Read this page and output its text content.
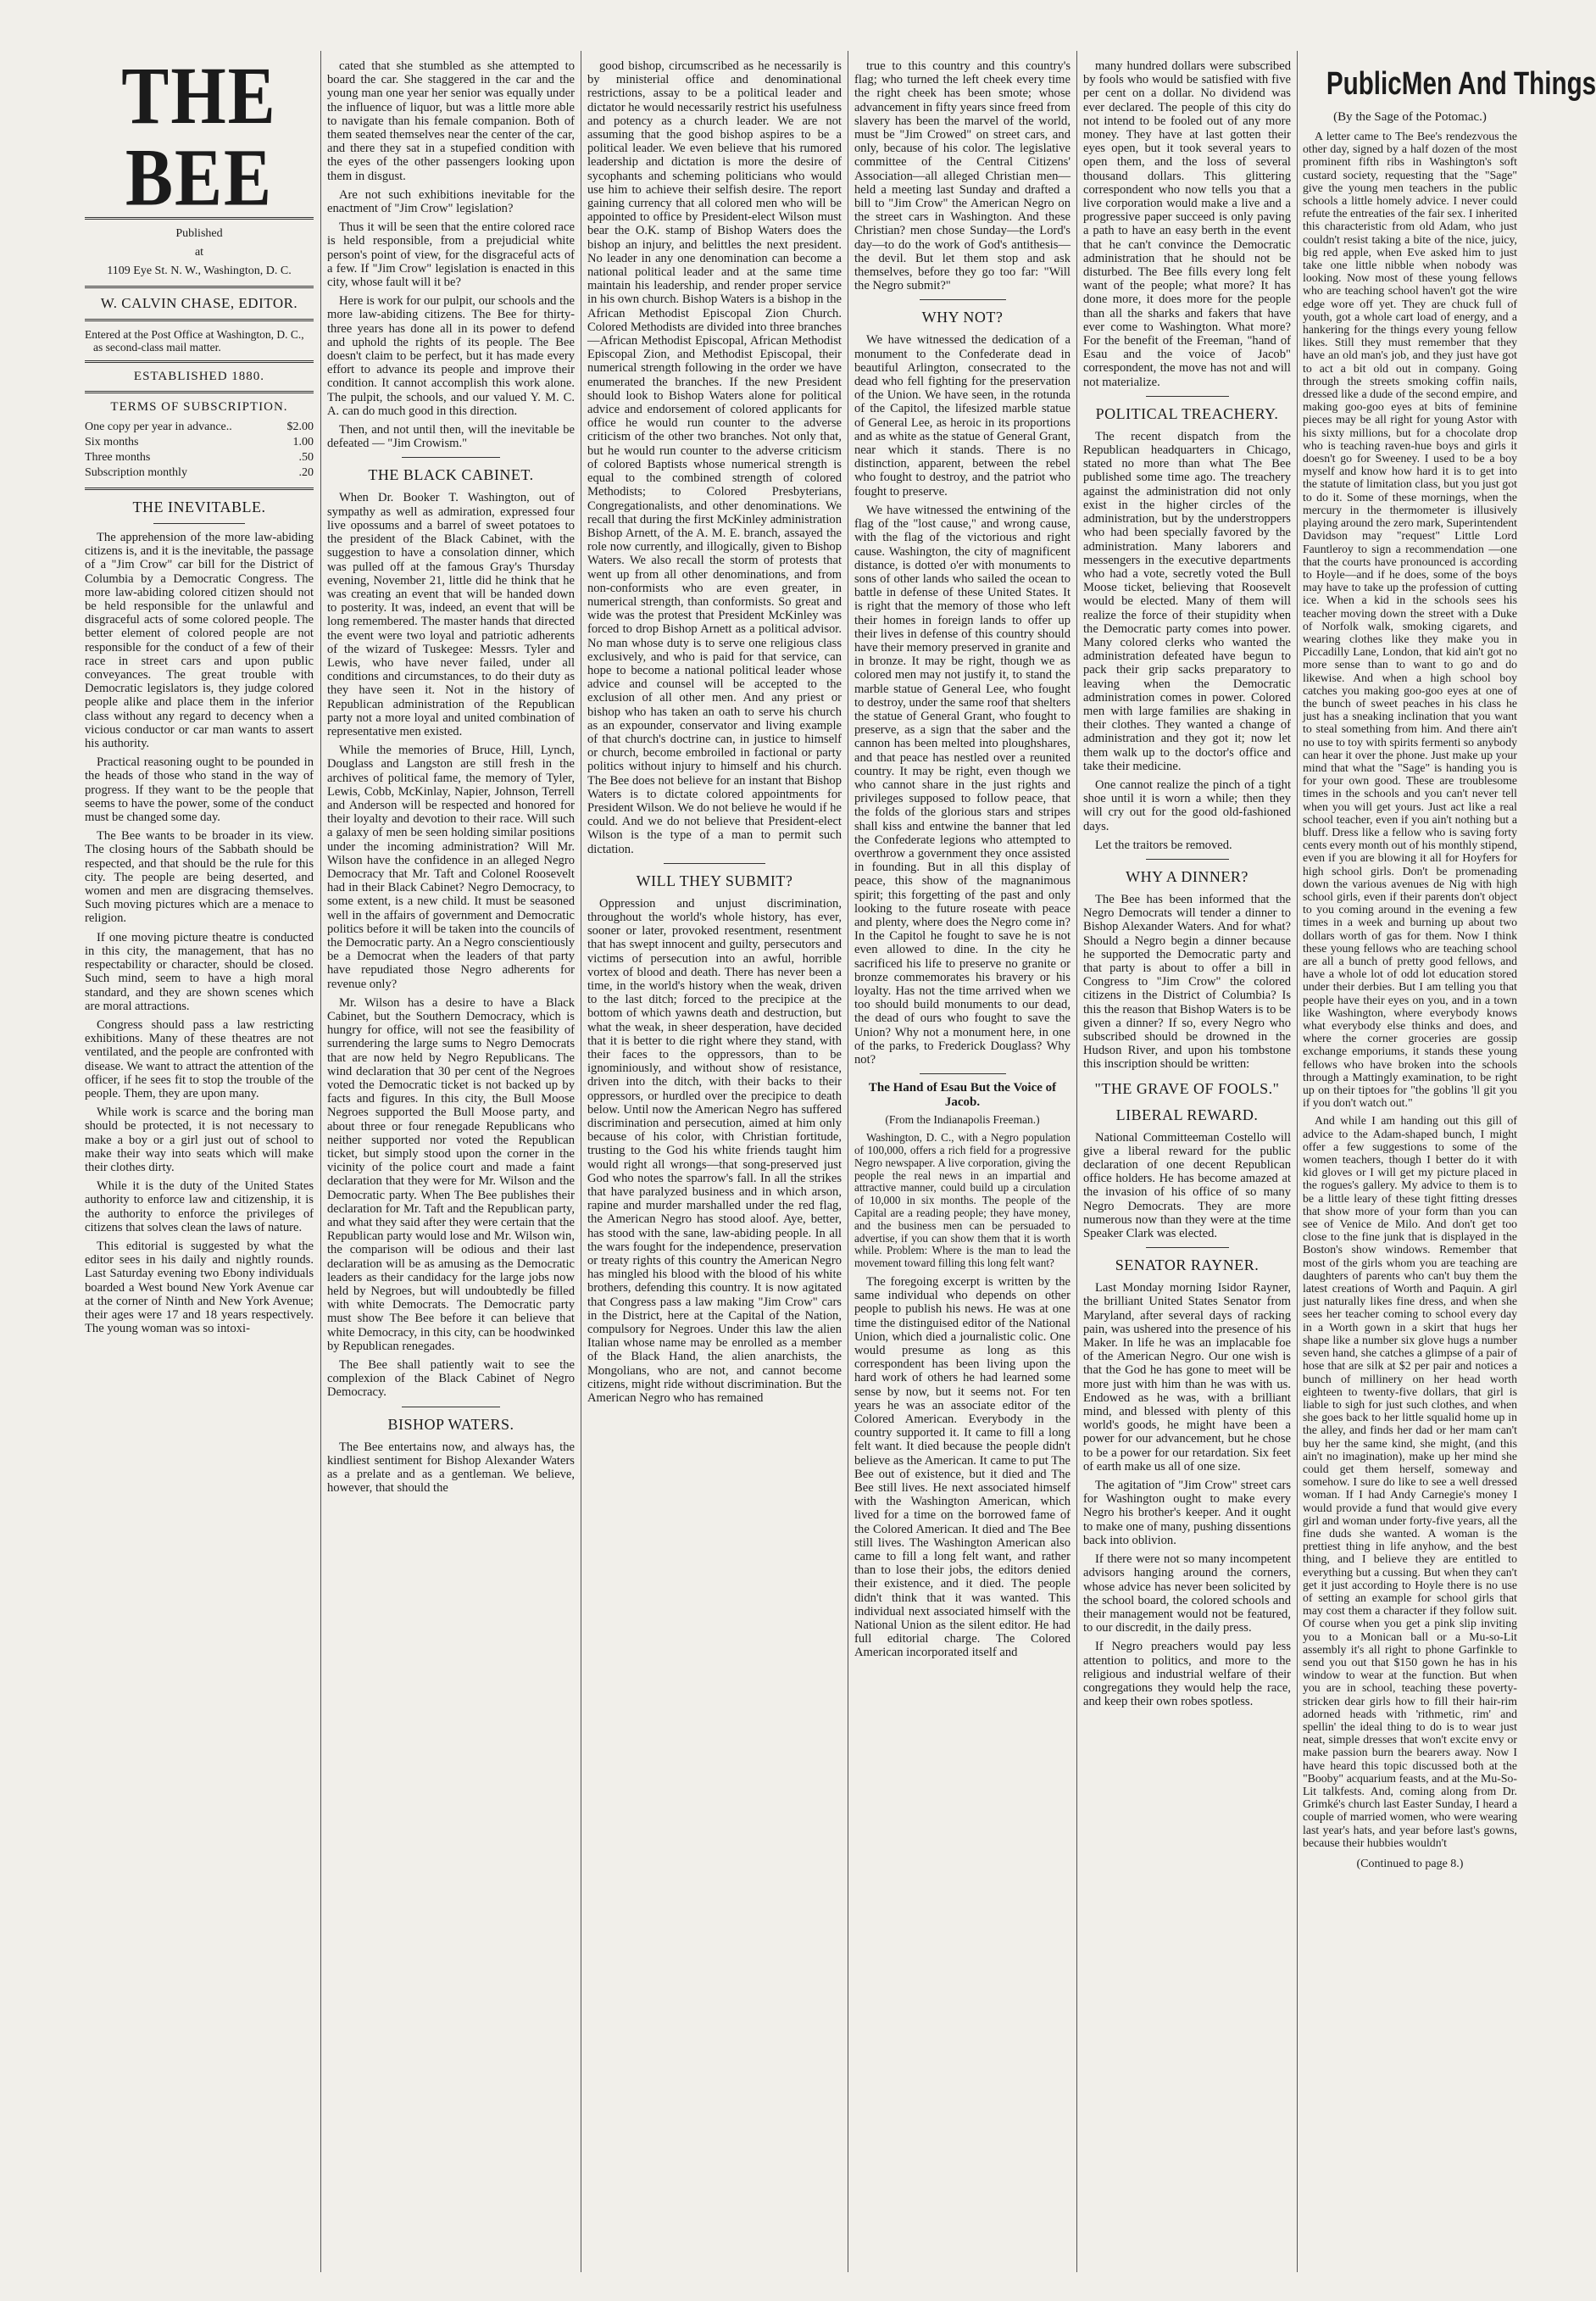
THE BEE
Published
at
1109 Eye St. N. W., Washington, D. C.
W. CALVIN CHASE, EDITOR.
Entered at the Post Office at Washington, D. C., as second-class mail matter.
ESTABLISHED 1880.
TERMS OF SUBSCRIPTION.
One copy per year in advance..	$2.00
Six months	1.00
Three months	.50
Subscription monthly	.20
THE INEVITABLE.

The apprehension of the more law-abiding citizens is, and it is the inevitable, the passage of a "Jim Crow" car bill for the District of Columbia by a Democratic Congress. The more law-abiding colored citizen should not be held responsible for the unlawful and disgraceful acts of some colored people. The better element of colored people are not responsible for the conduct of a few of their race in street cars and upon public conveyances. The great trouble with Democratic legislators is, they judge colored people alike and place them in the inferior class without any regard to decency when a vicious conductor or car man wants to assert his authority.

Practical reasoning ought to be pounded in the heads of those who stand in the way of progress. If they want to be the people that seems to have the power, some of the conduct must be changed some day.

The Bee wants to be broader in its view. The closing hours of the Sabbath should be respected, and that should be the rule for this city. The people are being deserted, and women and men are disgracing themselves. Such moving pictures which are a menace to religion.

If one moving picture theatre is conducted in this city, the management, that has no respectability or character, should be closed. Such mind, seem to have a high moral standard, and they are shown scenes which are moral attractions.

Congress should pass a law restricting exhibitions. Many of these theatres are not ventilated, and the people are confronted with disease. We want to attract the attention of the officer, if he sees fit to stop the trouble of the people. Them, they are upon many.

While work is scarce and the boring man should be protected, it is not necessary to make a boy or a girl just out of school to make their way into seats which will make their clothes dirty.

While it is the duty of the United States authority to enforce law and citizenship, it is the authority to enforce the privileges of citizens that solves clean the laws of nature.

This editorial is suggested by what the editor sees in his daily and nightly rounds. Last Saturday evening two Ebony individuals boarded a West bound New York Avenue car at the corner of Ninth and New York Avenue; their ages were 17 and 18 years respectively. The young woman was so intoxi-

cated that she stumbled as she attempted to board the car. She staggered in the car and the young man one year her senior was equally under the influence of liquor, but was a little more able to navigate than his female companion. Both of them seated themselves near the center of the car, and there they sat in a stupefied condition with the eyes of the other passengers looking upon them in disgust.

Are not such exhibitions inevitable for the enactment of "Jim Crow" legislation?

Thus it will be seen that the entire colored race is held responsible, from a prejudicial white person's point of view, for the disgraceful acts of a few. If "Jim Crow" legislation is enacted in this city, whose fault will it be?

Here is work for our pulpit, our schools and the more law-abiding citizens. The Bee for thirty-three years has done all in its power to defend and uphold the rights of its people. The Bee doesn't claim to be perfect, but it has made every effort to advance its people and improve their condition. It cannot accomplish this work alone. The pulpit, the schools, and our valued Y. M. C. A. can do much good in this direction.

Then, and not until then, will the inevitable be defeated — "Jim Crowism."

THE BLACK CABINET.

When Dr. Booker T. Washington, out of sympathy as well as admiration, expressed four live opossums and a barrel of sweet potatoes to the president of the Black Cabinet, with the suggestion to have a consolation dinner, which was pulled off at the famous Gray's Thursday evening, November 21, little did he think that he was creating an event that will be handed down to posterity. It was, indeed, an event that will be long remembered. The master hands that directed the event were two loyal and patriotic adherents of the wizard of Tuskegee: Messrs. Tyler and Lewis, who have never failed, under all conditions and circumstances, to do their duty as they have seen it. Not in the history of Republican administration of the Republican party not a more loyal and united combination of representative men existed.

While the memories of Bruce, Hill, Lynch, Douglass and Langston are still fresh in the archives of political fame, the memory of Tyler, Lewis, Cobb, McKinlay, Napier, Johnson, Terrell and Anderson will be respected and honored for their loyalty and devotion to their race. Will such a galaxy of men be seen holding similar positions under the incoming administration? Will Mr. Wilson have the confidence in an alleged Negro Democracy that Mr. Taft and Colonel Roosevelt had in their Black Cabinet? Negro Democracy, to some extent, is a new child. It must be seasoned well in the affairs of government and Democratic politics before it will be taken into the councils of the Democratic party. An a Negro conscientiously be a Democrat when the leaders of that party have repudiated those Negro adherents for revenue only?

Mr. Wilson has a desire to have a Black Cabinet, but the Southern Democracy, which is hungry for office, will not see the feasibility of surrendering the large sums to Negro Democrats that are now held by Negro Republicans. The wind declaration that 30 per cent of the Negroes voted the Democratic ticket is not backed up by facts and figures. In this city, the Bull Moose Negroes supported the Bull Moose party, and about three or four renegade Republicans who neither supported nor voted the Republican ticket, but simply stood upon the corner in the vicinity of the police court and made a faint declaration that they were for Mr. Wilson and the Democratic party. When The Bee publishes their declaration for Mr. Taft and the Republican party, and what they said after they were certain that the Republican party would lose and Mr. Wilson win, the comparison will be odious and their last declaration will be as amusing as the Democratic leaders as their candidacy for the large jobs now held by Negroes, but will undoubtedly be filled with white Democrats. The Democratic party must show The Bee before it can believe that white Democracy, in this city, can be hoodwinked by Republican renegades.

The Bee shall patiently wait to see the complexion of the Black Cabinet of Negro Democracy.

BISHOP WATERS.

The Bee entertains now, and always has, the kindliest sentiment for Bishop Alexander Waters as a prelate and as a gentleman. We believe, however, that should the

good bishop, circumscribed as he necessarily is by ministerial office and denominational restrictions, assay to be a political leader and dictator he would necessarily restrict his usefulness and potency as a church leader. We are not assuming that the good bishop aspires to be a political leader. We even believe that his rumored leadership and dictation is more the desire of sycophants and scheming politicians who would use him to achieve their selfish desire. The report gaining currency that all colored men who will be appointed to office by President-elect Wilson must bear the O.K. stamp of Bishop Waters does the bishop an injury, and belittles the next president. No leader in any one denomination can become a national political leader and at the same time maintain his leadership, and render proper service in his own church. Bishop Waters is a bishop in the African Methodist Episcopal Zion Church. Colored Methodists are divided into three branches—African Methodist Episcopal, African Methodist Episcopal Zion, and Methodist Episcopal, their numerical strength following in the order we have enumerated the branches. If the new President should look to Bishop Waters alone for political advice and endorsement of colored applicants for office he would run counter to the adverse criticism of the other two branches. Not only that, but he would run counter to the adverse criticism of colored Baptists whose numerical strength is equal to the combined strength of colored Methodists; to Colored Presbyterians, Congregationalists, and other denominations. We recall that during the first McKinley administration Bishop Arnett, of the A. M. E. branch, assayed the role now currently, and illogically, given to Bishop Waters. We also recall the storm of protests that went up from all other denominations, and from non-conformists who are even greater, in numerical strength, than conformists. So great and wide was the protest that President McKinley was forced to drop Bishop Arnett as a political advisor. No man whose duty is to serve one religious class exclusively, and who is paid for that service, can hope to become a national political leader whose advice and counsel will be accepted to the exclusion of all other men. And any priest or bishop who has taken an oath to serve his church as an expounder, conservator and living example of that church's doctrine can, in justice to himself or church, become embroiled in factional or party politics without injury to himself and his church. The Bee does not believe for an instant that Bishop Waters is to dictate colored appointments for President Wilson. We do not believe he would if he could. And we do not believe that President-elect Wilson is the type of a man to permit such dictation.

WILL THEY SUBMIT?

Oppression and unjust discrimination, throughout the world's whole history, has ever, sooner or later, provoked resentment, resentment that has swept innocent and guilty, persecutors and victims of persecution into an awful, horrible vortex of blood and death. There has never been a time, in the world's history when the weak, driven to the last ditch; forced to the precipice at the bottom of which yawns death and destruction, but what the weak, in sheer desperation, have decided that it is better to die right where they stand, with their faces to the oppressors, than to be ignominiously, and without show of resistance, driven into the ditch, with their backs to their oppressors, or hurdled over the precipice to death below. Until now the American Negro has suffered discrimination and persecution, aimed at him only because of his color, with Christian fortitude, trusting to the God his white friends taught him would right all wrongs—that song-preserved just God who notes the sparrow's fall. In all the strikes that have paralyzed business and in which arson, rapine and murder marshalled under the red flag, the American Negro has stood aloof. Aye, better, has stood with the sane, law-abiding people. In all the wars fought for the independence, preservation or treaty rights of this country the American Negro has mingled his blood with the blood of his white brothers, defending this country. It is now agitated that Congress pass a law making "Jim Crow" cars in the District, here at the Capital of the Nation, compulsory for Negroes. Under this law the alien Italian whose name may be enrolled as a member of the Black Hand, the alien anarchists, the Mongolians, who are not, and cannot become citizens, might ride without discrimination. But the American Negro who has remained

true to this country and this country's flag; who turned the left cheek every time the right cheek has been smote; whose advancement in fifty years since freed from slavery has been the marvel of the world, must be "Jim Crowed" on street cars, and only, because of his color. The legislative committee of the Central Citizens' Association—all alleged Christian men—held a meeting last Sunday and drafted a bill to "Jim Crow" the American Negro on the street cars in Washington. And these Christian? men chose Sunday—the Lord's day—to do the work of God's antithesis—the devil. But let them stop and ask themselves, before they go too far: "Will the Negro submit?"

WHY NOT?

We have witnessed the dedication of a monument to the Confederate dead in beautiful Arlington, consecrated to the dead who fell fighting for the preservation of the Union. We have seen, in the rotunda of the Capitol, the lifesized marble statue of General Lee, as heroic in its proportions and as white as the statue of General Grant, near which it stands. There is no distinction, apparent, between the rebel who fought to destroy, and the patriot who fought to preserve.

We have witnessed the entwining of the flag of the "lost cause," and wrong cause, with the flag of the victorious and right cause. Washington, the city of magnificent distance, is dotted o'er with monuments to sons of other lands who sailed the ocean to battle in defense of these United States. It is right that the memory of those who left their homes in foreign lands to offer up their lives in defense of this country should have their memory preserved in granite and in bronze. It may be right, though we as colored men may not justify it, to stand the marble statue of General Lee, who fought to destroy, under the same roof that shelters the statue of General Grant, who fought to preserve, as a sign that the saber and the cannon has been melted into ploughshares, and that peace has nestled over a reunited country. It may be right, even though we who cannot share in the just rights and privileges supposed to follow peace, that the folds of the glorious stars and stripes shall kiss and entwine the banner that led the Confederate legions who attempted to overthrow a government they once assisted in founding. But in all this display of peace, this show of the magnanimous spirit; this forgetting of the past and only looking to the future roseate with peace and plenty, where does the Negro come in? In the Capitol he fought to save he is not even allowed to dine. In the city he sacrificed his life to preserve no granite or bronze commemorates his bravery or his loyalty. Has not the time arrived when we too should build monuments to our dead, the dead of ours who fought to save the Union? Why not a monument here, in one of the parks, to Frederick Douglass? Why not?

The Hand of Esau But the Voice of Jacob.
(From the Indianapolis Freeman.)

Washington, D. C., with a Negro population of 100,000, offers a rich field for a progressive Negro newspaper. A live corporation, giving the people the real news in an impartial and attractive manner, could build up a circulation of 10,000 in six months. The people of the Capital are a reading people; they have money, and the business men can be persuaded to advertise, if you can show them that it is worth while. Problem: Where is the man to lead the movement toward filling this long felt want?

The foregoing excerpt is written by the same individual who depends on other people to publish his news. He was at one time the distinguised editor of the National Union, which died a journalistic colic. One would presume as long as this correspondent has been living upon the hard work of others he had learned some sense by now, but it seems not. For ten years he was an associate editor of the Colored American. Everybody in the country supported it. It came to fill a long felt want. It died because the people didn't believe as the American. It came to put The Bee out of existence, but it died and The Bee still lives. He next associated himself with the Washington American, which lived for a time on the borrowed fame of the Colored American. It died and The Bee still lives. The Washington American also came to fill a long felt want, and rather than to lose their jobs, the editors denied their existence, and it died. The people didn't think that it was wanted. This individual next associated himself with the National Union as the silent editor. He had full editorial charge. The Colored American incorporated itself and

many hundred dollars were subscribed by fools who would be satisfied with five per cent on a dollar. No dividend was ever declared. The people of this city do not intend to be fooled out of any more money. They have at last gotten their eyes open, but it took several years to open them, and the loss of several thousand dollars. This glittering correspondent who now tells you that a live corporation would make a live and a progressive paper succeed is only paving a path to have an easy berth in the event that he can't convince the Democratic administration that he should not be disturbed. The Bee fills every long felt want of the people; what more? It has done more, it does more for the people than all the sharks and fakers that have ever come to Washington. What more? For the benefit of the Freeman, "hand of Esau and the voice of Jacob" correspondent, the move has not and will not materialize.

POLITICAL TREACHERY.

The recent dispatch from the Republican headquarters in Chicago, stated no more than what The Bee published some time ago. The treachery against the administration did not only exist in the higher circles of the administration, but by the understroppers who had been specially favored by the administration. Many laborers and messengers in the executive departments who had a vote, secretly voted the Bull Moose ticket, believing that Roosevelt would be elected. Many of them will realize the force of their stupidity when the Democratic party comes into power. Many colored clerks who wanted the administration defeated have begun to pack their grip sacks preparatory to leaving when the Democratic administration comes in power. Colored men with large families are shaking in their clothes. They wanted a change of administration and they got it; now let them walk up to the doctor's office and take their medicine.

One cannot realize the pinch of a tight shoe until it is worn a while; then they will cry out for the good old-fashioned days.

Let the traitors be removed.

WHY A DINNER?

The Bee has been informed that the Negro Democrats will tender a dinner to Bishop Alexander Waters. And for what? Should a Negro begin a dinner because he supported the Democratic party and that party is about to offer a bill in Congress to "Jim Crow" the colored citizens in the District of Columbia? Is this the reason that Bishop Waters is to be given a dinner? If so, every Negro who subscribed should be drowned in the Hudson River, and upon his tombstone this inscription should be written:

"THE GRAVE OF FOOLS."
LIBERAL REWARD.

National Committeeman Costello will give a liberal reward for the public declaration of one decent Republican office holders. He has become amazed at the invasion of his office of so many Negro Democrats. They are more numerous now than they were at the time Speaker Clark was elected.

SENATOR RAYNER.

Last Monday morning Isidor Rayner, the brilliant United States Senator from Maryland, after several days of racking pain, was ushered into the presence of his Maker. In life he was an implacable foe of the American Negro. Our one wish is that the God he has gone to meet will be more just with him than he was with us. Endowed as he was, with a brilliant mind, and blessed with plenty of this world's goods, he might have been a power for our advancement, but he chose to be a power for our retardation. Six feet of earth make us all of one size.

The agitation of "Jim Crow" street cars for Washington ought to make every Negro his brother's keeper. And it ought to make one of many, pushing dissentions back into oblivion.

If there were not so many incompetent advisors hanging around the corners, whose advice has never been solicited by the school board, the colored schools and their management would not be featured, to our discredit, in the daily press.

If Negro preachers would pay less attention to politics, and more to the religious and industrial welfare of their congregations they would help the race, and keep their own robes spotless.

PublicMen And Things
(By the Sage of the Potomac.)

A letter came to The Bee's rendezvous the other day, signed by a half dozen of the most prominent fifth ribs in Washington's soft custard society, requesting that the "Sage" give the young men teachers in the public schools a little homely advice. I never could refute the entreaties of the fair sex. I inherited this characteristic from old Adam, who just couldn't resist taking a bite of the nice, juicy, big red apple, when Eve asked him to just take one little nibble when nobody was looking. Now most of these young fellows who are teaching school haven't got the wire edge wore off yet. They are chuck full of youth, got a whole cart load of energy, and a hankering for the things every young fellow likes. Still they must remember that they have an old man's job, and they just have got to act a bit old out in company. Going through the streets smoking coffin nails, dressed like a dude of the second empire, and making goo-goo eyes at bits of feminine pieces may be all right for young Astor with his sixty millions, but for a chocolate drop who is teaching raven-hue boys and girls it doesn't go for Sweeney. I used to be a boy myself and know how hard it is to get into the statute of limitation class, but you just got to do it. Some of these mornings, when the mercury in the thermometer is illusively playing around the zero mark, Superintendent Davidson may "request" Little Lord Fauntleroy to sign a recommendation —one that the courts have pronounced is according to Hoyle—and if he does, some of the boys may have to take up the profession of cutting ice. When a kid in the schools sees his teacher moving down the street with a Duke of Norfolk walk, smoking cigarets, and wearing clothes like they make you in Piccadilly Lane, London, that kid ain't got no more sense than to want to go and do likewise. And when a high school boy catches you making goo-goo eyes at one of the bunch of sweet peaches in his class he just has a sneaking inclination that you want to steal something from him. And there ain't no use to toy with spirits fermenti so anybody can hear it over the phone. Just make up your mind that what the "Sage" is handing you is for your own good. These are troublesome times in the schools and you can't never tell when you will get yours. Just act like a real school teacher, even if you ain't nothing but a bluff. Dress like a fellow who is saving forty cents every month out of his monthly stipend, even if you are blowing it all for Hoyfers for high school girls. Don't be promenading down the various avenues de Nig with high school girls, even if their parents don't object to you coming around in the evening a few times in a week and burning up about two dollars worth of gas for them. Now I think these young fellows who are teaching school are all a bunch of pretty good fellows, and have a whole lot of odd lot education stored under their derbies. But I am telling you that people have their eyes on you, and in a town like Washington, where everybody knows what everybody else thinks and does, and where the corner groceries are gossip exchange emporiums, it stands these young fellows who have broken into the schools through a Mattingly examination, to be right up on their tiptoes for "the goblins 'll git you if you don't watch out."

And while I am handing out this gill of advice to the Adam-shaped bunch, I might offer a few suggestions to some of the women teachers, though I better do it with kid gloves or I will get my picture placed in the rogues's gallery. My advice to them is to be a little leary of these tight fitting dresses that show more of your form than you can see of Venice de Milo. And don't get too close to the fine junk that is displayed in the Boston's show windows. Remember that most of the girls whom you are teaching are daughters of parents who can't buy them the latest creations of Worth and Paquin. A girl just naturally likes fine dress, and when she sees her teacher coming to school every day in a Worth gown in a skirt that hugs her shape like a number six glove hugs a number seven hand, she catches a glimpse of a pair of hose that are silk at $2 per pair and notices a bunch of millinery on her head worth eighteen to twenty-five dollars, that girl is liable to sigh for just such clothes, and when she goes back to her little squalid home up in the alley, and finds her dad or her mam can't buy her the same kind, she might, (and this ain't no imagination), make up her mind she could get them herself, someway and somehow. I sure do like to see a well dressed woman. If I had Andy Carnegie's money I would provide a fund that would give every girl and woman under forty-five years, all the fine duds she wanted. A woman is the prettiest thing in life anyhow, and the best thing, and I believe they are entitled to everything but a cussing. But when they can't get it just according to Hoyle there is no use of setting an example for school girls that may cost them a character if they follow suit. Of course when you get a pink slip inviting you to a Monican ball or a Mu-so-Lit assembly it's all right to phone Garfinkle to send you out that $150 gown he has in his window to wear at the function. But when you are in school, teaching these poverty-stricken dear girls how to fill their hair-rim adorned heads with 'rithmetic, rim' and spellin' the ideal thing to do is to wear just neat, simple dresses that won't excite envy or make passion burn the bearers away. Now I have heard this topic discussed both at the "Booby" acquarium feasts, and at the Mu-So-Lit talkfests. And, coming along from Dr. Grimké's church last Easter Sunday, I heard a couple of married women, who were wearing last year's hats, and year before last's gowns, because their hubbies wouldn't

(Continued to page 8.)
